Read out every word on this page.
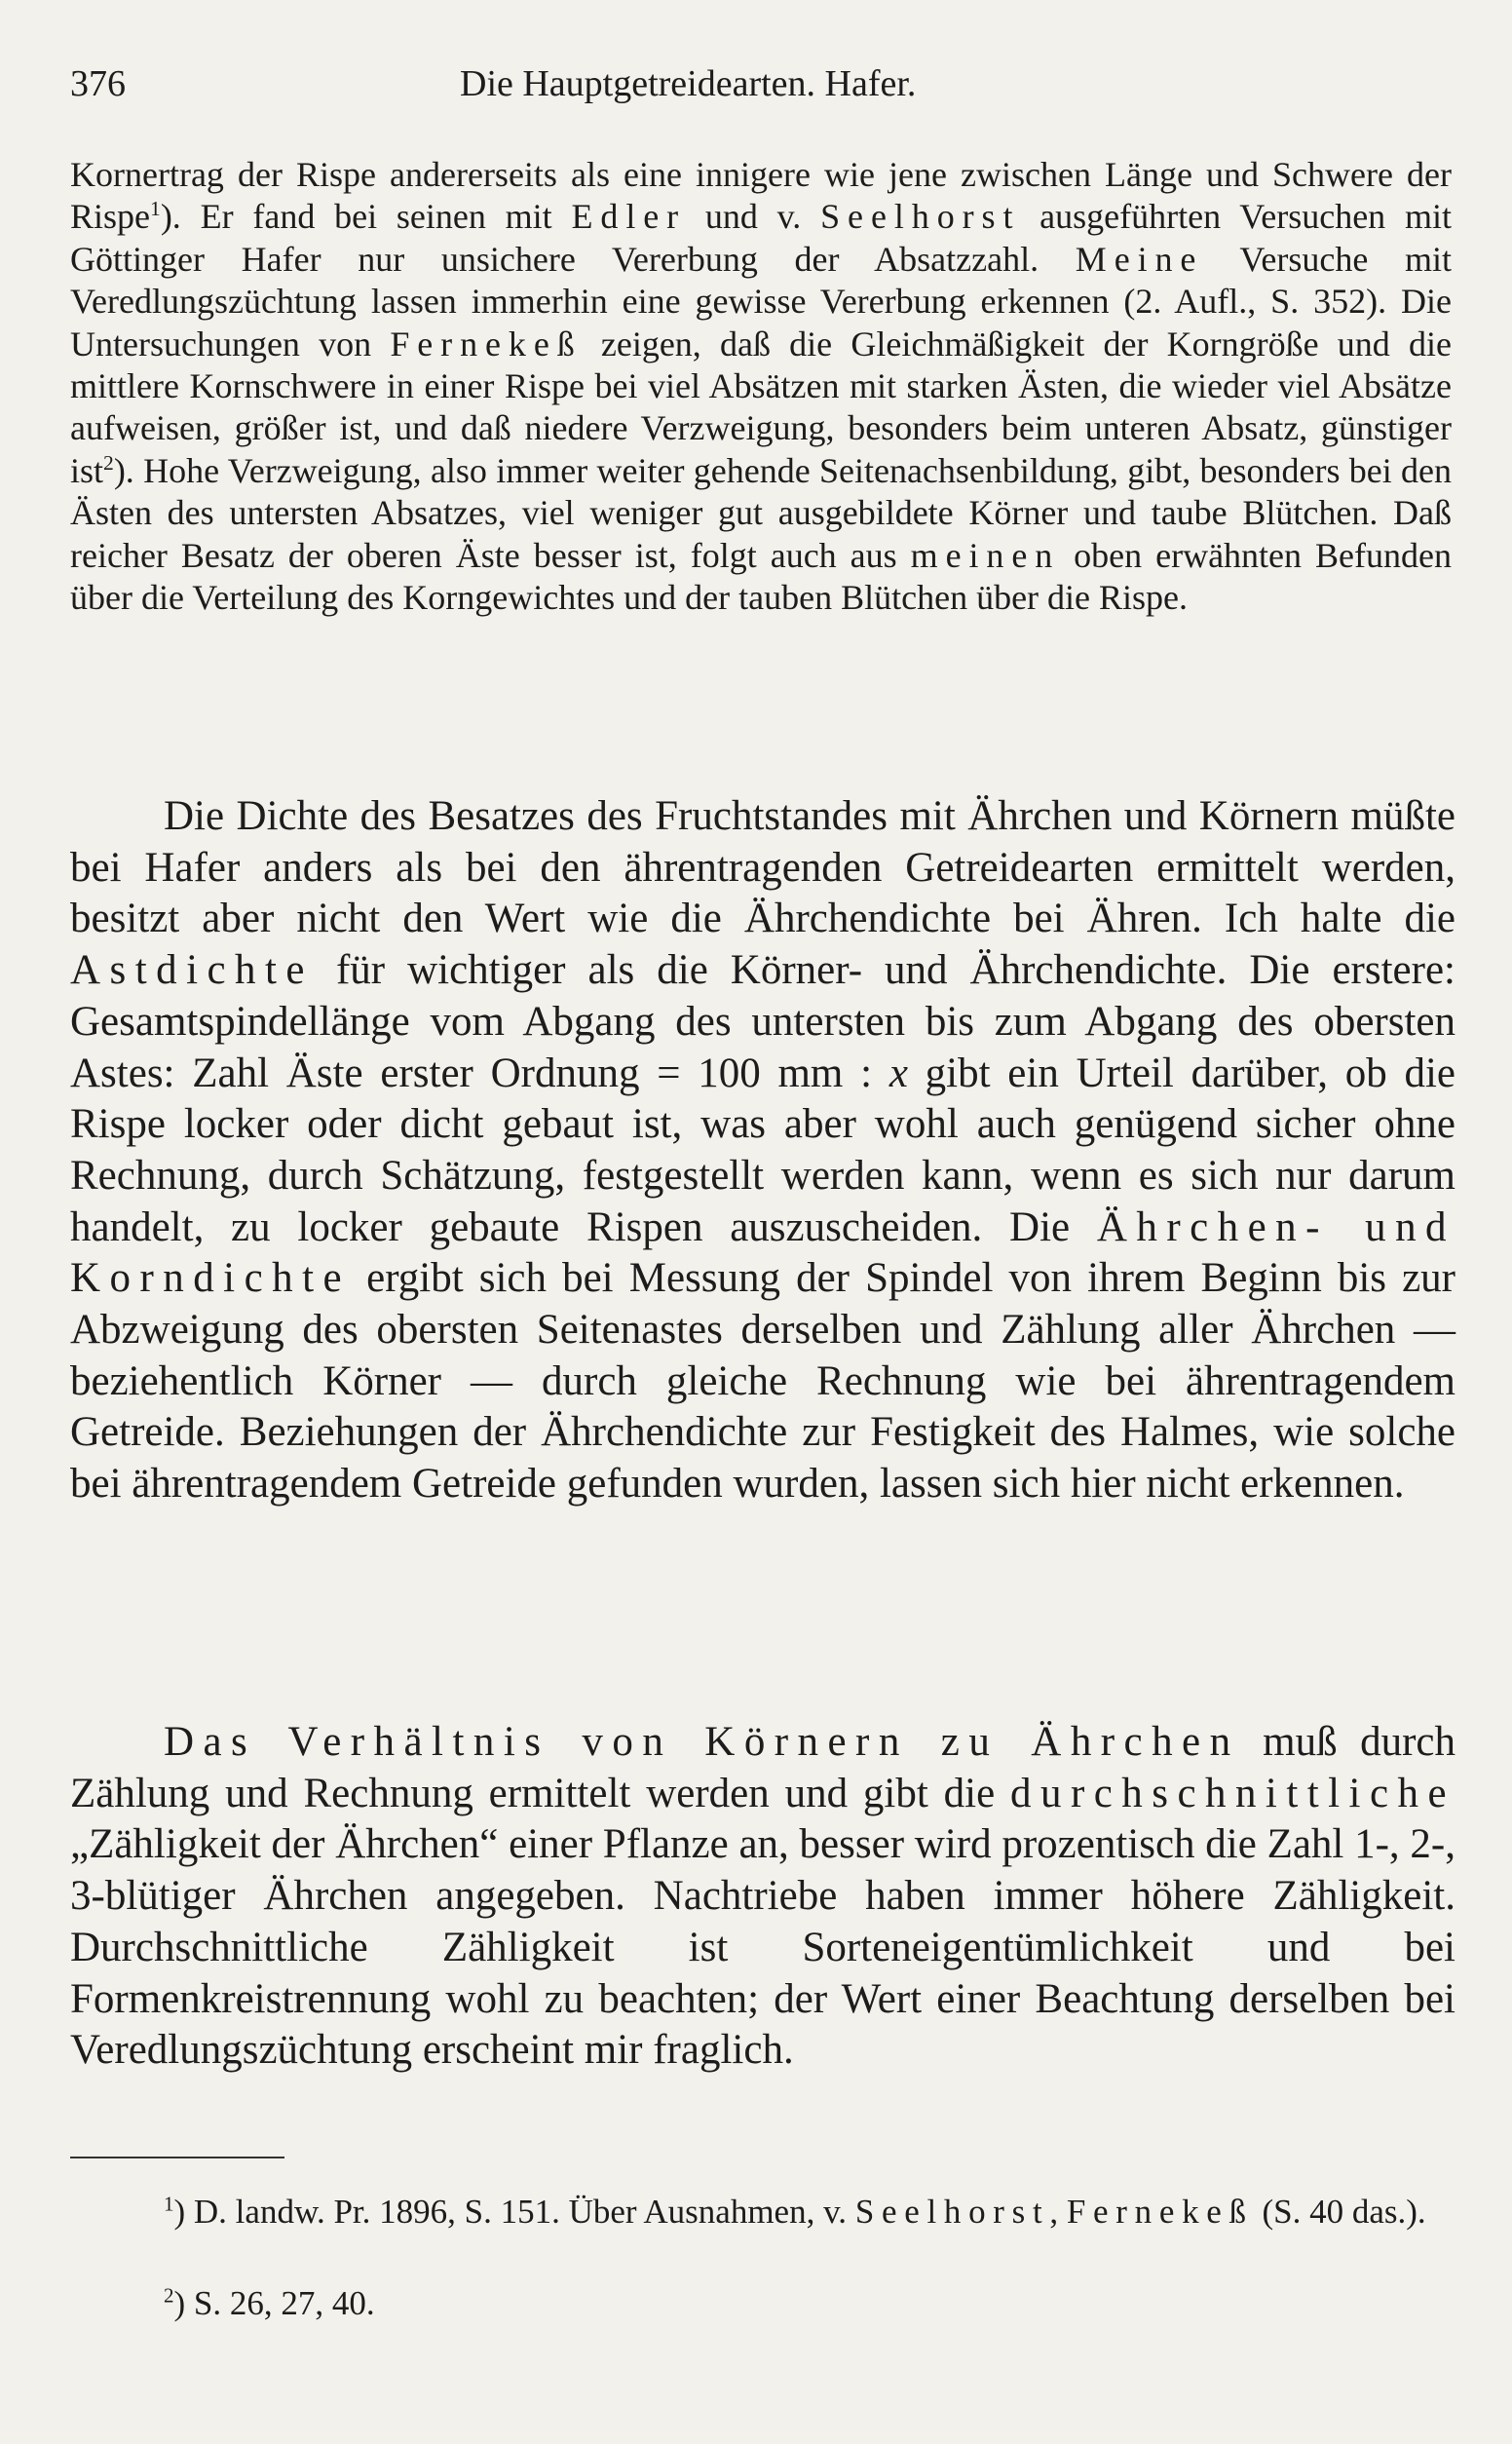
376	Die Hauptgetreidearten. Hafer.

Kornertrag der Rispe andererseits als eine innigere wie jene zwischen Länge und Schwere der Rispe$^1$). Er fand bei seinen mit Edler und v. Seelhorst ausgeführten Versuchen mit Göttinger Hafer nur unsichere Vererbung der Absatzzahl. Meine Versuche mit Veredlungszüchtung lassen immerhin eine gewisse Vererbung erkennen (2. Aufl., S. 352). Die Untersuchungen von Fernekeß zeigen, daß die Gleichmäßigkeit der Korngröße und die mittlere Kornschwere in einer Rispe bei viel Absätzen mit starken Ästen, die wieder viel Absätze aufweisen, größer ist, und daß niedere Verzweigung, besonders beim unteren Absatz, günstiger ist$^2$). Hohe Verzweigung, also immer weiter gehende Seitenachsenbildung, gibt, besonders bei den Ästen des untersten Absatzes, viel weniger gut ausgebildete Körner und taube Blütchen. Daß reicher Besatz der oberen Äste besser ist, folgt auch aus meinen oben erwähnten Befunden über die Verteilung des Korngewichtes und der tauben Blütchen über die Rispe.

Die Dichte des Besatzes des Fruchtstandes mit Ährchen und Körnern müßte bei Hafer anders als bei den ährentragenden Getreidearten ermittelt werden, besitzt aber nicht den Wert wie die Ährchendichte bei Ähren. Ich halte die Astdichte für wichtiger als die Körner- und Ährchendichte. Die erstere: Gesamtspindellänge vom Abgang des untersten bis zum Abgang des obersten Astes: Zahl Äste erster Ordnung = 100 mm : x gibt ein Urteil darüber, ob die Rispe locker oder dicht gebaut ist, was aber wohl auch genügend sicher ohne Rechnung, durch Schätzung, festgestellt werden kann, wenn es sich nur darum handelt, zu locker gebaute Rispen auszuscheiden. Die Ährchen- und Korndichte ergibt sich bei Messung der Spindel von ihrem Beginn bis zur Abzweigung des obersten Seitenastes derselben und Zählung aller Ährchen — beziehentlich Körner — durch gleiche Rechnung wie bei ährentragendem Getreide. Beziehungen der Ährchendichte zur Festigkeit des Halmes, wie solche bei ährentragendem Getreide gefunden wurden, lassen sich hier nicht erkennen.

Das Verhältnis von Körnern zu Ährchen muß durch Zählung und Rechnung ermittelt werden und gibt die durchschnittliche „Zähligkeit der Ährchen“ einer Pflanze an, besser wird prozentisch die Zahl 1-, 2-, 3-blütiger Ährchen angegeben. Nachtriebe haben immer höhere Zähligkeit. Durchschnittliche Zähligkeit ist Sorteneigentümlichkeit und bei Formenkreistrennung wohl zu beachten; der Wert einer Beachtung derselben bei Veredlungszüchtung erscheint mir fraglich.

$^1$) D. landw. Pr. 1896, S. 151. Über Ausnahmen, v. Seelhorst, Fernekeß (S. 40 das.).

$^2$) S. 26, 27, 40.
